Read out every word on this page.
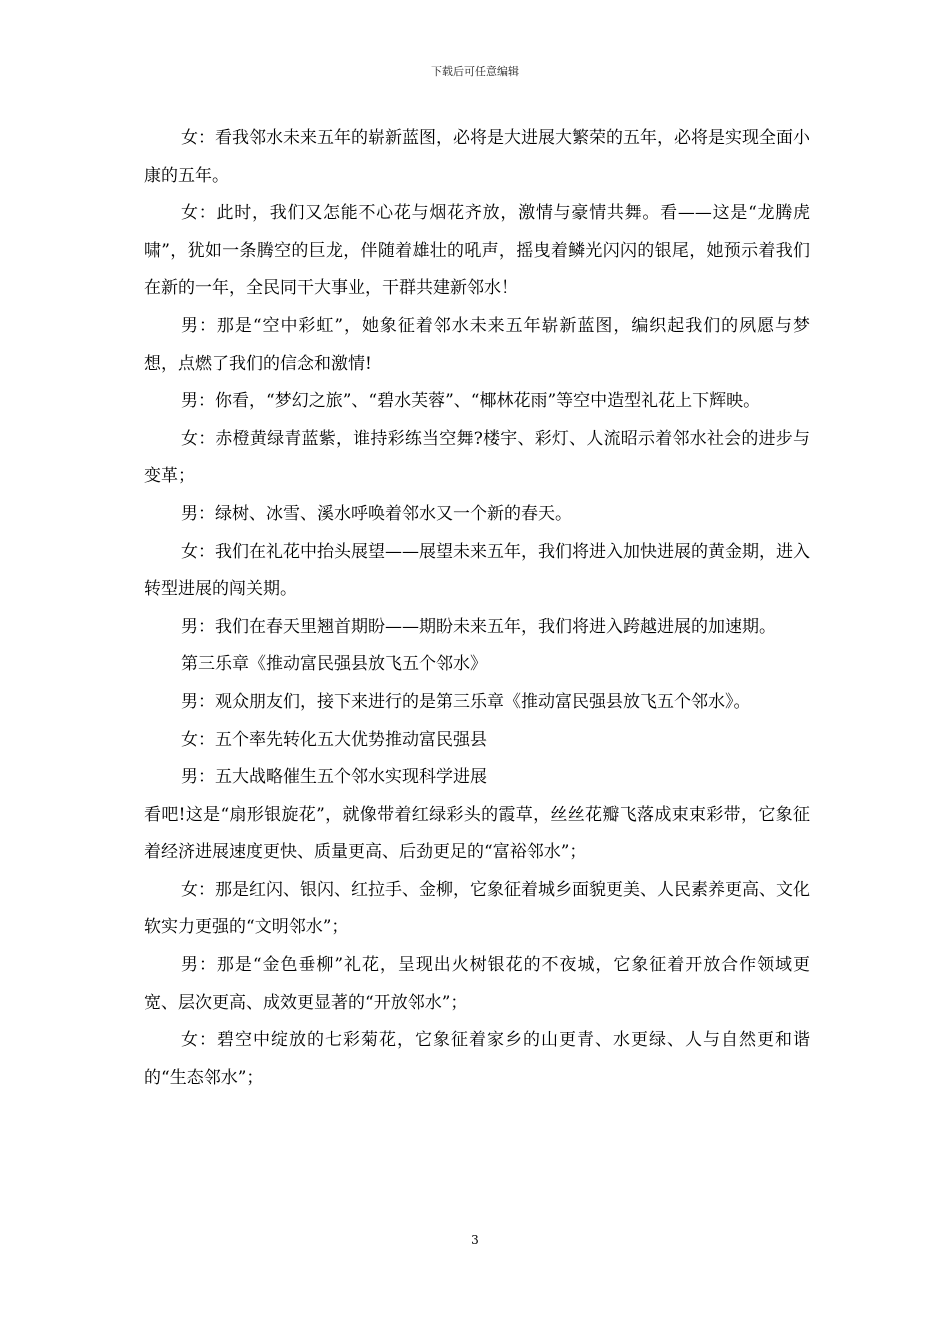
下载后可任意编辑

女：看我邻水未来五年的崭新蓝图，必将是大进展大繁荣的五年，必将是实现全面小康的五年。

女：此时，我们又怎能不心花与烟花齐放，激情与豪情共舞。看——这是“龙腾虎啸”，犹如一条腾空的巨龙，伴随着雄壮的吼声，摇曳着鳞光闪闪的银尾，她预示着我们在新的一年，全民同干大事业，干群共建新邻水！

男：那是“空中彩虹”，她象征着邻水未来五年崭新蓝图，编织起我们的夙愿与梦想，点燃了我们的信念和激情!

男：你看，“梦幻之旅”、“碧水芙蓉”、“椰林花雨”等空中造型礼花上下辉映。

女：赤橙黄绿青蓝紫，谁持彩练当空舞?楼宇、彩灯、人流昭示着邻水社会的进步与变革；

男：绿树、冰雪、溪水呼唤着邻水又一个新的春天。

女：我们在礼花中抬头展望——展望未来五年，我们将进入加快进展的黄金期，进入转型进展的闯关期。

男：我们在春天里翘首期盼——期盼未来五年，我们将进入跨越进展的加速期。

第三乐章《推动富民强县放飞五个邻水》

男：观众朋友们，接下来进行的是第三乐章《推动富民强县放飞五个邻水》。

女：五个率先转化五大优势推动富民强县

男：五大战略催生五个邻水实现科学进展

看吧!这是“扇形银旋花”，就像带着红绿彩头的霞草，丝丝花瓣飞落成束束彩带，它象征着经济进展速度更快、质量更高、后劲更足的“富裕邻水”；

女：那是红闪、银闪、红拉手、金柳，它象征着城乡面貌更美、人民素养更高、文化软实力更强的“文明邻水”；

男：那是“金色垂柳”礼花，呈现出火树银花的不夜城，它象征着开放合作领域更宽、层次更高、成效更显著的“开放邻水”；

女：碧空中绽放的七彩菊花，它象征着家乡的山更青、水更绿、人与自然更和谐的“生态邻水”；

3
